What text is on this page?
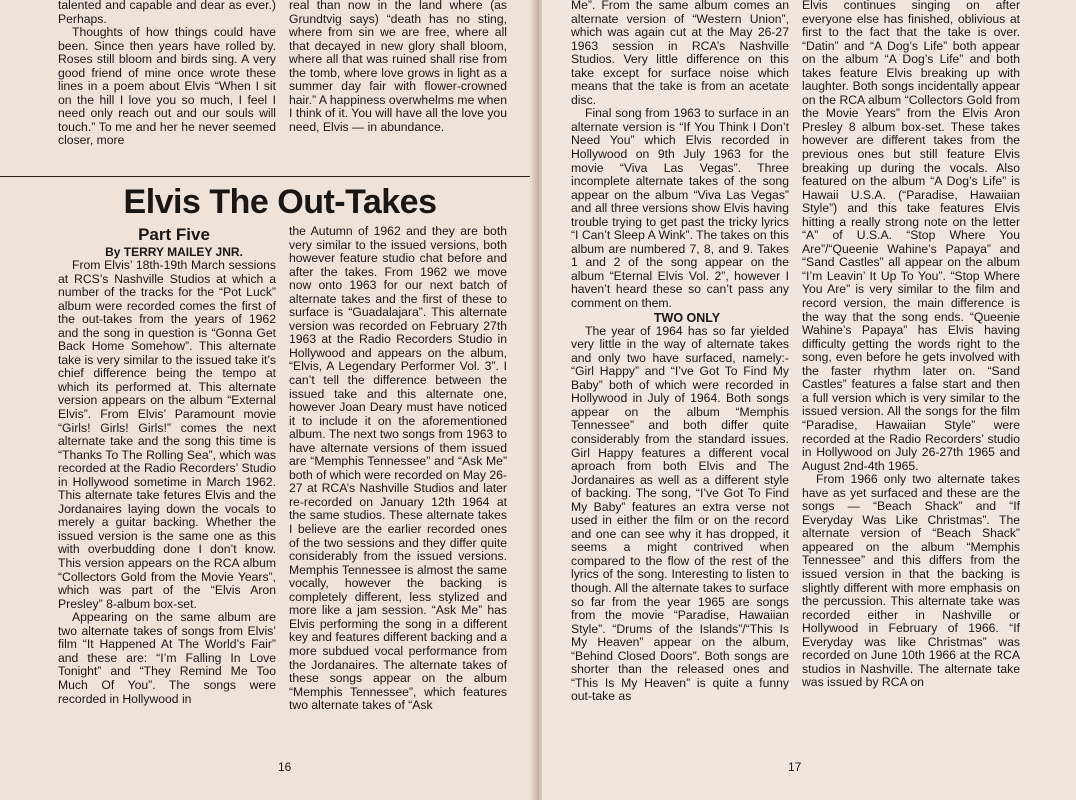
talented and capable and dear as ever.) Perhaps.

Thoughts of how things could have been. Since then years have rolled by. Roses still bloom and birds sing. A very good friend of mine once wrote these lines in a poem about Elvis “When I sit on the hill I love you so much, I feel I need only reach out and our souls will touch.” To me and her he never seemed closer, more

real than now in the land where (as Grundtvig says) “death has no sting, where from sin we are free, where all that decayed in new glory shall bloom, where all that was ruined shall rise from the tomb, where love grows in light as a summer day fair with flower-crowned hair.” A happiness overwhelms me when I think of it. You will have all the love you need, Elvis — in abundance.

Elvis The Out-Takes

Part Five

By TERRY MAILEY JNR.

From Elvis’ 18th-19th March sessions at RCS’s Nashville Studios at which a number of the tracks for the “Pot Luck” album were recorded comes the first of the out-takes from the years of 1962 and the song in question is “Gonna Get Back Home Somehow”. This alternate take is very similar to the issued take it’s chief difference being the tempo at which its performed at. This alternate version appears on the album “External Elvis”. From Elvis’ Paramount movie “Girls! Girls! Girls!” comes the next alternate take and the song this time is “Thanks To The Rolling Sea”, which was recorded at the Radio Recorders’ Studio in Hollywood sometime in March 1962. This alternate take fetures Elvis and the Jordanaires laying down the vocals to merely a guitar backing. Whether the issued version is the same one as this with overbudding done I don’t know. This version appears on the RCA album “Collectors Gold from the Movie Years”, which was part of the “Elvis Aron Presley” 8-album box-set.

Appearing on the same album are two alternate takes of songs from Elvis’ film “It Happened At The World’s Fair” and these are: “I’m Falling In Love Tonight” and “They Remind Me Too Much Of You”. The songs were recorded in Hollywood in

the Autumn of 1962 and they are both very similar to the issued versions, both however feature studio chat before and after the takes. From 1962 we move now onto 1963 for our next batch of alternate takes and the first of these to surface is “Guadalajara”. This alternate version was recorded on February 27th 1963 at the Radio Recorders Studio in Hollywood and appears on the album, “Elvis, A Legendary Performer Vol. 3”. I can’t tell the difference between the issued take and this alternate one, however Joan Deary must have noticed it to include it on the aforementioned album. The next two songs from 1963 to have alternate versions of them issued are “Memphis Tennessee” and “Ask Me” both of which were recorded on May 26-27 at RCA’s Nashville Studios and later re-recorded on January 12th 1964 at the same studios. These alternate takes I believe are the earlier recorded ones of the two sessions and they differ quite considerably from the issued versions. Memphis Tennessee is almost the same vocally, however the backing is completely different, less stylized and more like a jam session. “Ask Me” has Elvis performing the song in a different key and features different backing and a more subdued vocal performance from the Jordanaires. The alternate takes of these songs appear on the album “Memphis Tennessee”, which features two alternate takes of “Ask

16

Me”. From the same album comes an alternate version of “Western Union”, which was again cut at the May 26-27 1963 session in RCA’s Nashville Studios. Very little difference on this take except for surface noise which means that the take is from an acetate disc.

Final song from 1963 to surface in an alternate version is “If You Think I Don’t Need You” which Elvis recorded in Hollywood on 9th July 1963 for the movie “Viva Las Vegas”. Three incomplete alternate takes of the song appear on the album “Viva Las Vegas” and all three versions show Elvis having trouble trying to get past the tricky lyrics “I Can’t Sleep A Wink”. The takes on this album are numbered 7, 8, and 9. Takes 1 and 2 of the song appear on the album “Eternal Elvis Vol. 2”, however I haven’t heard these so can’t pass any comment on them.

TWO ONLY

The year of 1964 has so far yielded very little in the way of alternate takes and only two have surfaced, namely:- “Girl Happy” and “I’ve Got To Find My Baby” both of which were recorded in Hollywood in July of 1964. Both songs appear on the album “Memphis Tennessee” and both differ quite considerably from the standard issues. Girl Happy features a different vocal aproach from both Elvis and The Jordanaires as well as a different style of backing. The song, “I’ve Got To Find My Baby” features an extra verse not used in either the film or on the record and one can see why it has dropped, it seems a might contrived when compared to the flow of the rest of the lyrics of the song. Interesting to listen to though. All the alternate takes to surface so far from the year 1965 are songs from the movie “Paradise, Hawaiian Style”. “Drums of the Islands”/“This Is My Heaven” appear on the album, “Behind Closed Doors”. Both songs are shorter than the released ones and “This Is My Heaven” is quite a funny out-take as

Elvis continues singing on after everyone else has finished, oblivious at first to the fact that the take is over. “Datin” and “A Dog’s Life” both appear on the album “A Dog’s Life” and both takes feature Elvis breaking up with laughter. Both songs incidentally appear on the RCA album “Collectors Gold from the Movie Years” from the Elvis Aron Presley 8 album box-set. These takes however are different takes from the previous ones but still feature Elvis breaking up during the vocals. Also featured on the album “A Dog’s Life” is Hawaii U.S.A. (“Paradise, Hawaiian Style”) and this take features Elvis hitting a really strong note on the letter “A” of U.S.A. “Stop Where You Are”/“Queenie Wahine’s Papaya” and “Sand Castles” all appear on the album “I’m Leavin’ It Up To You”. “Stop Where You Are” is very similar to the film and record version, the main difference is the way that the song ends. “Queenie Wahine’s Papaya” has Elvis having difficulty getting the words right to the song, even before he gets involved with the faster rhythm later on. “Sand Castles” features a false start and then a full version which is very similar to the issued version. All the songs for the film “Paradise, Hawaiian Style” were recorded at the Radio Recorders’ studio in Hollywood on July 26-27th 1965 and August 2nd-4th 1965.

From 1966 only two alternate takes have as yet surfaced and these are the songs — “Beach Shack” and “If Everyday Was Like Christmas”. The alternate version of “Beach Shack” appeared on the album “Memphis Tennessee” and this differs from the issued version in that the backing is slightly different with more emphasis on the percussion. This alternate take was recorded either in Nashville or Hollywood in February of 1966. “If Everyday was like Christmas” was recorded on June 10th 1966 at the RCA studios in Nashville. The alternate take was issued by RCA on

17
